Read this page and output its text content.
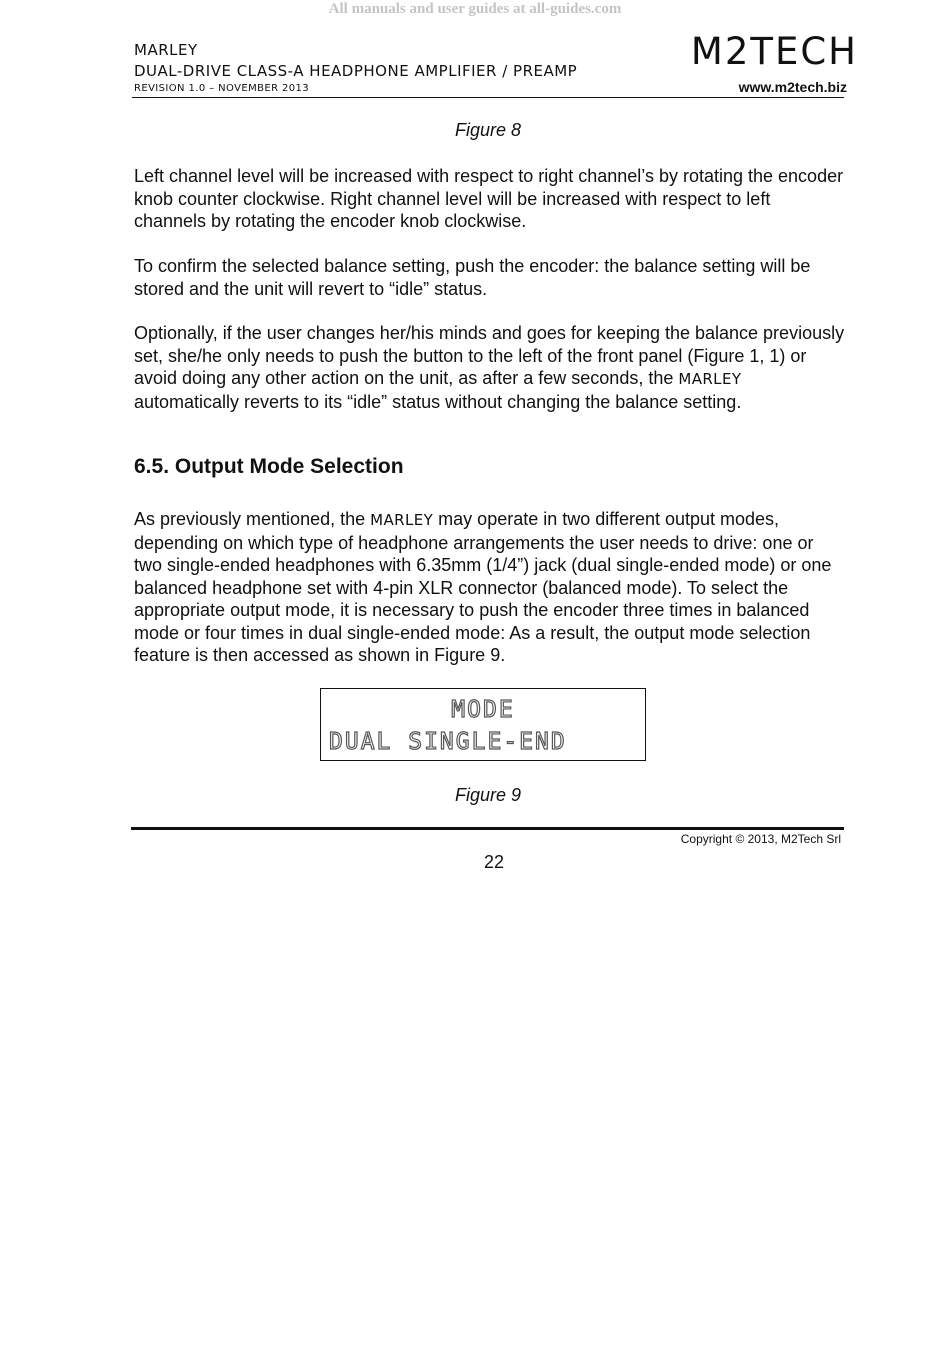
All manuals and user guides at all-guides.com
MARLEY
DUAL-DRIVE CLASS-A HEADPHONE AMPLIFIER / PREAMP
REVISION 1.0 – NOVEMBER 2013
M2TECH
www.m2tech.biz
Figure 8

Left channel level will be increased with respect to right channel’s by rotating the encoder knob counter clockwise. Right channel level will be increased with respect to left channels by rotating the encoder knob clockwise.

To confirm the selected balance setting, push the encoder: the balance setting will be stored and the unit will revert to “idle” status.

Optionally, if the user changes her/his minds and goes for keeping the balance previously set, she/he only needs to push the button to the left of the front panel (Figure 1, 1) or avoid doing any other action on the unit, as after a few seconds, the MARLEY automatically reverts to its “idle” status without changing the balance setting.

6.5. Output Mode Selection

As previously mentioned, the MARLEY may operate in two different output modes, depending on which type of headphone arrangements the user needs to drive: one or two single-ended headphones with 6.35mm (1/4”) jack (dual single-ended mode) or one balanced headphone set with 4-pin XLR connector (balanced mode). To select the appropriate output mode, it is necessary to push the encoder three times in balanced mode or four times in dual single-ended mode: As a result, the output mode selection feature is then accessed as shown in Figure 9.

MODE
DUAL SINGLE-END
Figure 9
Copyright © 2013, M2Tech Srl
22
